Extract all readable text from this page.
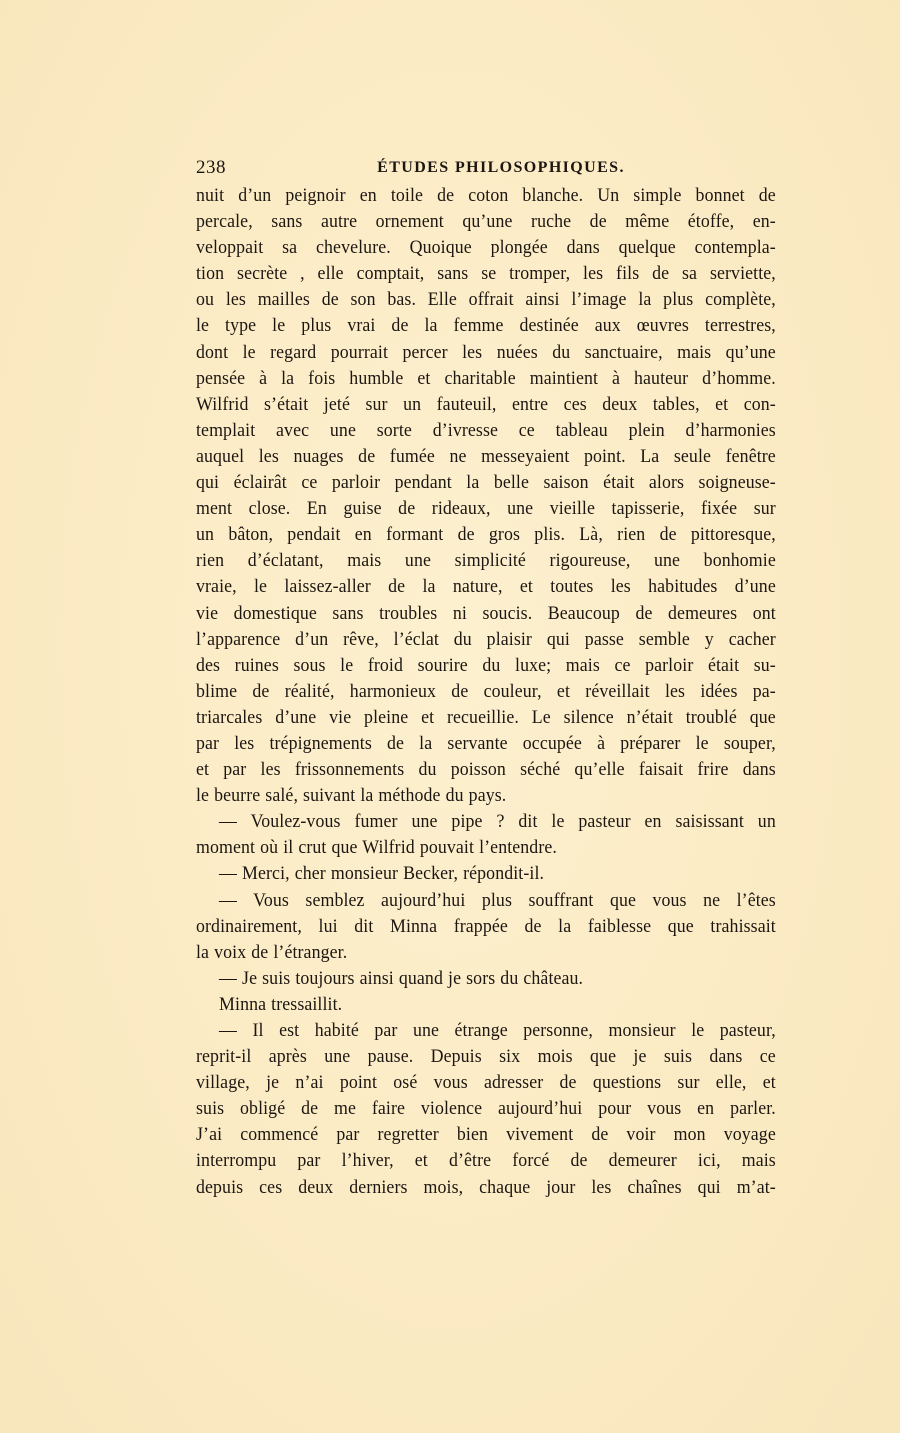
238	ÉTUDES PHILOSOPHIQUES.
nuit d’un peignoir en toile de coton blanche. Un simple bonnet de
percale, sans autre ornement qu’une ruche de même étoffe, en-
veloppait sa chevelure. Quoique plongée dans quelque contempla-
tion secrète , elle comptait, sans se tromper, les fils de sa serviette,
ou les mailles de son bas. Elle offrait ainsi l’image la plus complète,
le type le plus vrai de la femme destinée aux œuvres terrestres,
dont le regard pourrait percer les nuées du sanctuaire, mais qu’une
pensée à la fois humble et charitable maintient à hauteur d’homme.
Wilfrid s’était jeté sur un fauteuil, entre ces deux tables, et con-
templait avec une sorte d’ivresse ce tableau plein d’harmonies
auquel les nuages de fumée ne messeyaient point. La seule fenêtre
qui éclairât ce parloir pendant la belle saison était alors soigneuse-
ment close. En guise de rideaux, une vieille tapisserie, fixée sur
un bâton, pendait en formant de gros plis. Là, rien de pittoresque,
rien d’éclatant, mais une simplicité rigoureuse, une bonhomie
vraie, le laissez-aller de la nature, et toutes les habitudes d’une
vie domestique sans troubles ni soucis. Beaucoup de demeures ont
l’apparence d’un rêve, l’éclat du plaisir qui passe semble y cacher
des ruines sous le froid sourire du luxe; mais ce parloir était su-
blime de réalité, harmonieux de couleur, et réveillait les idées pa-
triarcales d’une vie pleine et recueillie. Le silence n’était troublé que
par les trépignements de la servante occupée à préparer le souper,
et par les frissonnements du poisson séché qu’elle faisait frire dans
le beurre salé, suivant la méthode du pays.
— Voulez-vous fumer une pipe ? dit le pasteur en saisissant un
moment où il crut que Wilfrid pouvait l’entendre.
— Merci, cher monsieur Becker, répondit-il.
— Vous semblez aujourd’hui plus souffrant que vous ne l’êtes
ordinairement, lui dit Minna frappée de la faiblesse que trahissait
la voix de l’étranger.
— Je suis toujours ainsi quand je sors du château.
Minna tressaillit.
— Il est habité par une étrange personne, monsieur le pasteur,
reprit-il après une pause. Depuis six mois que je suis dans ce
village, je n’ai point osé vous adresser de questions sur elle, et
suis obligé de me faire violence aujourd’hui pour vous en parler.
J’ai commencé par regretter bien vivement de voir mon voyage
interrompu par l’hiver, et d’être forcé de demeurer ici, mais
depuis ces deux derniers mois, chaque jour les chaînes qui m’at-
